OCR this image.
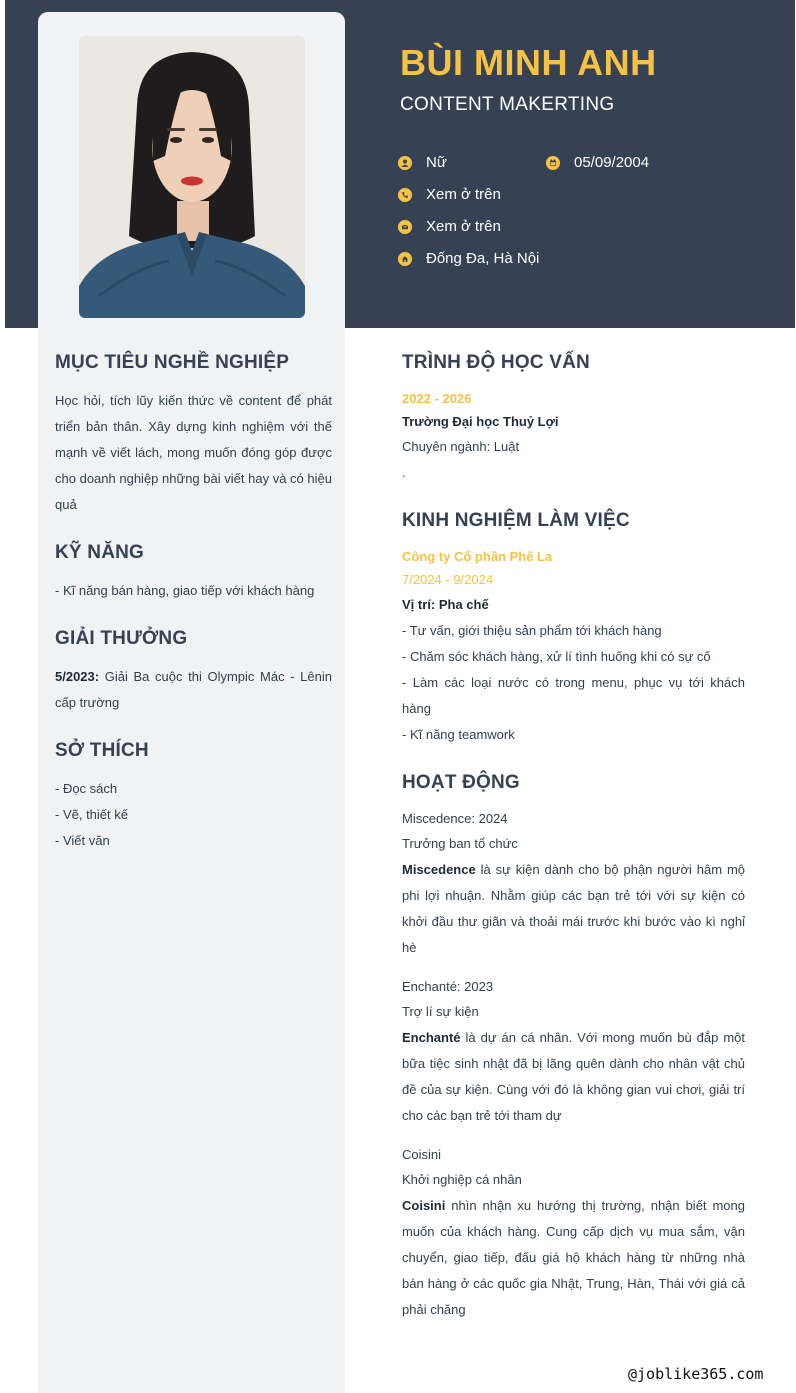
BÙI MINH ANH

CONTENT MAKERTING

Nữ	05/09/2004
Xem ở trên
Xem ở trên
Đống Đa, Hà Nội
MỤC TIÊU NGHỀ NGHIỆP

Học hỏi, tích lũy kiến thức về content để phát triển bản thân. Xây dựng kinh nghiệm với thế mạnh về viết lách, mong muốn đóng góp được cho doanh nghiệp những bài viết hay và có hiệu quả

KỸ NĂNG

- Kĩ năng bán hàng, giao tiếp với khách hàng

GIẢI THƯỞNG

5/2023: Giải Ba cuộc thi Olympic Mác - Lênin cấp trường

SỞ THÍCH

- Đọc sách

- Vẽ, thiết kế

- Viết văn

TRÌNH ĐỘ HỌC VẤN

2022 - 2026

Trường Đại học Thuỷ Lợi

Chuyên ngành: Luật

.

KINH NGHIỆM LÀM VIỆC

Công ty Cổ phần Phê La

7/2024 - 9/2024

Vị trí: Pha chế

- Tư vấn, giới thiệu sản phẩm tới khách hàng

- Chăm sóc khách hàng, xử lí tình huống khi có sự cố

- Làm các loại nước có trong menu, phục vụ tới khách hàng

- Kĩ năng teamwork

HOẠT ĐỘNG

Miscedence: 2024

Trưởng ban tổ chức

Miscedence là sự kiện dành cho bộ phận người hâm mộ phi lợi nhuận. Nhằm giúp các bạn trẻ tới với sự kiện có khởi đầu thư giãn và thoải mái trước khi bước vào kì nghỉ hè

Enchanté: 2023

Trợ lí sự kiện

Enchanté là dự án cá nhân. Với mong muốn bù đắp một bữa tiệc sinh nhật đã bị lãng quên dành cho nhân vật chủ đề của sự kiện. Cùng với đó là không gian vui chơi, giải trí cho các bạn trẻ tới tham dự

Coisini

Khởi nghiệp cá nhân

Coisini nhìn nhận xu hướng thị trường, nhận biết mong muốn của khách hàng. Cung cấp dịch vụ mua sắm, vận chuyển, giao tiếp, đấu giá hộ khách hàng từ những nhà bán hàng ở các quốc gia Nhật, Trung, Hàn, Thái với giá cả phải chăng

@joblike365.com
